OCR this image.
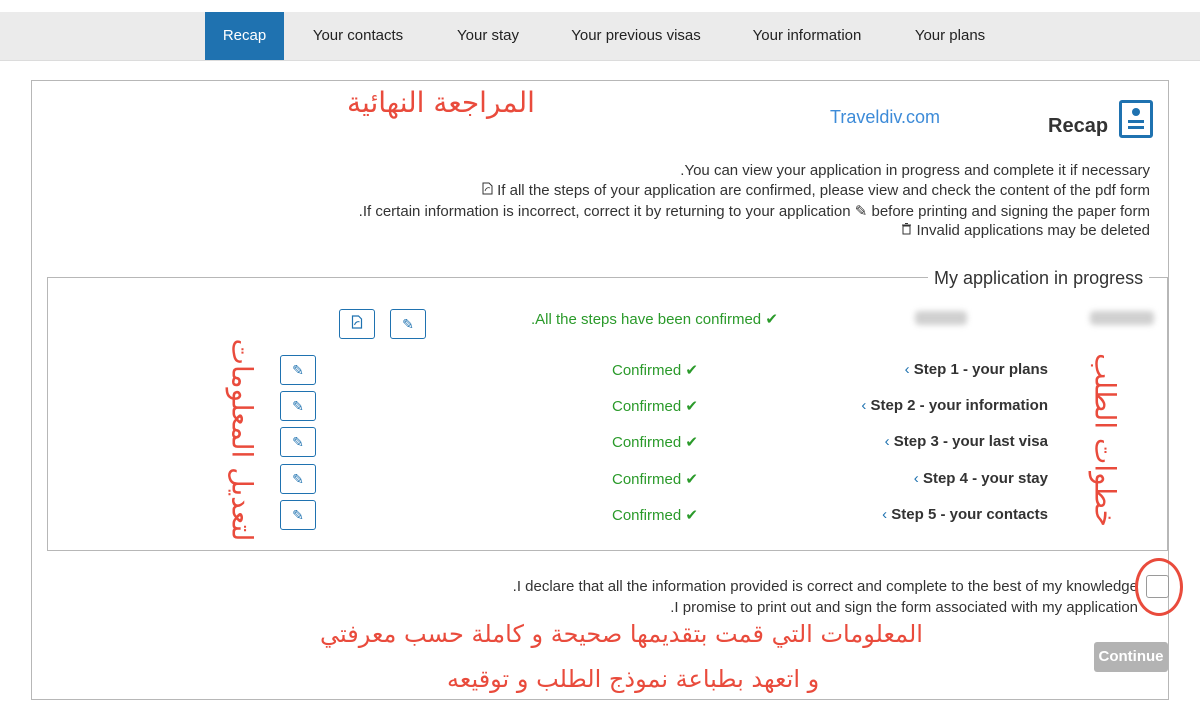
Recap	Your contacts	Your stay	Your previous visas	Your information	Your plans
المراجعة النهائية	Traveldiv.com	Recap
.You can view your application in progress and complete it if necessary
If all the steps of your application are confirmed, please view and check the content of the pdf form
.If certain information is incorrect, correct it by returning to your application ✎ before printing and signing the paper form
Invalid applications may be deleted
My application in progress
.All the steps have been confirmed ✔
✎
‹ Step 1 - your plans
Confirmed ✔
✎
‹ Step 2 - your information
Confirmed ✔
✎
‹ Step 3 - your last visa
Confirmed ✔
✎
‹ Step 4 - your stay
Confirmed ✔
✎
‹ Step 5 - your contacts
Confirmed ✔
✎
لتعديل المعلومات	خطوات الطلب
.I declare that all the information provided is correct and complete to the best of my knowledge
.I promise to print out and sign the form associated with my application
المعلومات التي قمت بتقديمها صحيحة و كاملة حسب معرفتي
و اتعهد بطباعة نموذج الطلب و توقيعه
Continue
